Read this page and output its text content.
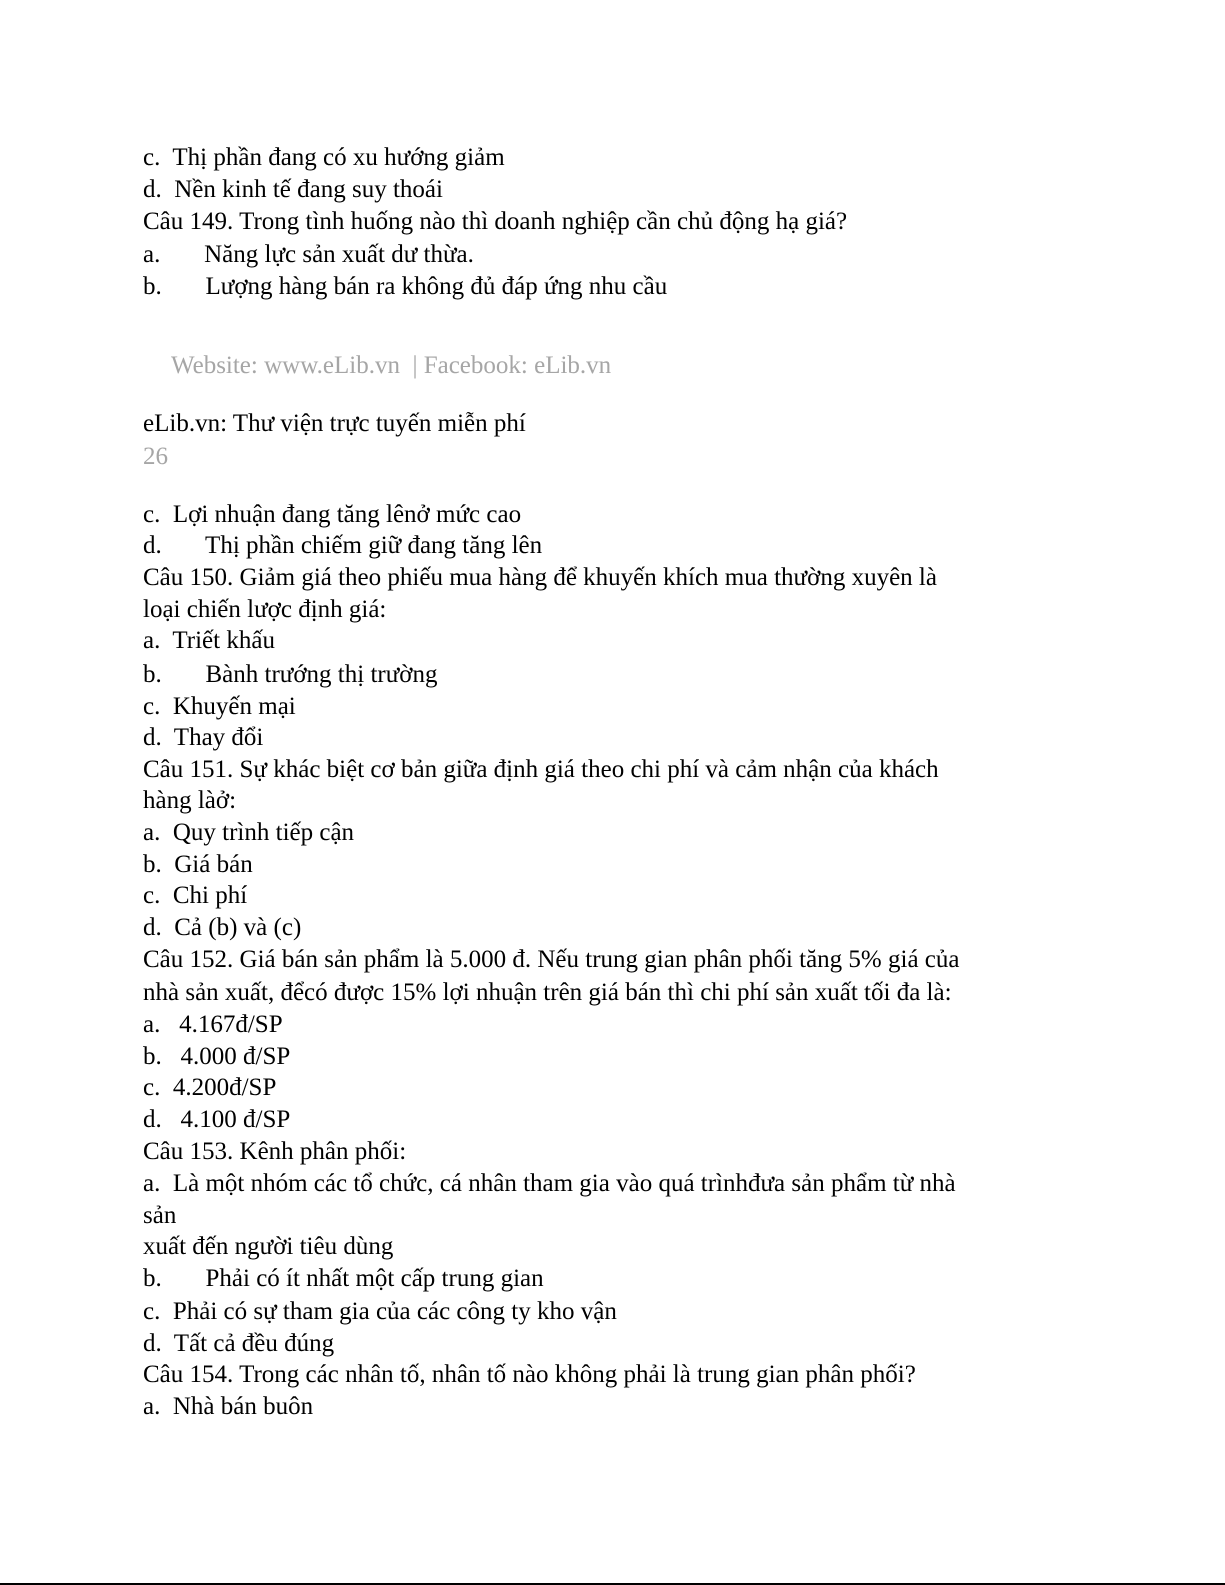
c.  Thị phần đang có xu hướng giảm
d.  Nền kinh tế đang suy thoái
Câu 149. Trong tình huống nào thì doanh nghiệp cần chủ động hạ giá?
a.       Năng lực sản xuất dư thừa.
b.       Lượng hàng bán ra không đủ đáp ứng nhu cầu
Website: www.eLib.vn  | Facebook: eLib.vn
eLib.vn: Thư viện trực tuyến miễn phí
26
c.  Lợi nhuận đang tăng lênở mức cao
d.       Thị phần chiếm giữ đang tăng lên
Câu 150. Giảm giá theo phiếu mua hàng để khuyến khích mua thường xuyên là
loại chiến lược định giá:
a.  Triết khấu
b.       Bành trướng thị trường
c.  Khuyến mại
d.  Thay đổi
Câu 151. Sự khác biệt cơ bản giữa định giá theo chi phí và cảm nhận của khách
hàng làở:
a.  Quy trình tiếp cận
b.  Giá bán
c.  Chi phí
d.  Cả (b) và (c)
Câu 152. Giá bán sản phẩm là 5.000 đ. Nếu trung gian phân phối tăng 5% giá của
nhà sản xuất, đểcó được 15% lợi nhuận trên giá bán thì chi phí sản xuất tối đa là:
a.   4.167đ/SP
b.   4.000 đ/SP
c.  4.200đ/SP
d.   4.100 đ/SP
Câu 153. Kênh phân phối:
a.  Là một nhóm các tổ chức, cá nhân tham gia vào quá trìnhđưa sản phẩm từ nhà
sản
xuất đến người tiêu dùng
b.       Phải có ít nhất một cấp trung gian
c.  Phải có sự tham gia của các công ty kho vận
d.  Tất cả đều đúng
Câu 154. Trong các nhân tố, nhân tố nào không phải là trung gian phân phối?
a.  Nhà bán buôn
